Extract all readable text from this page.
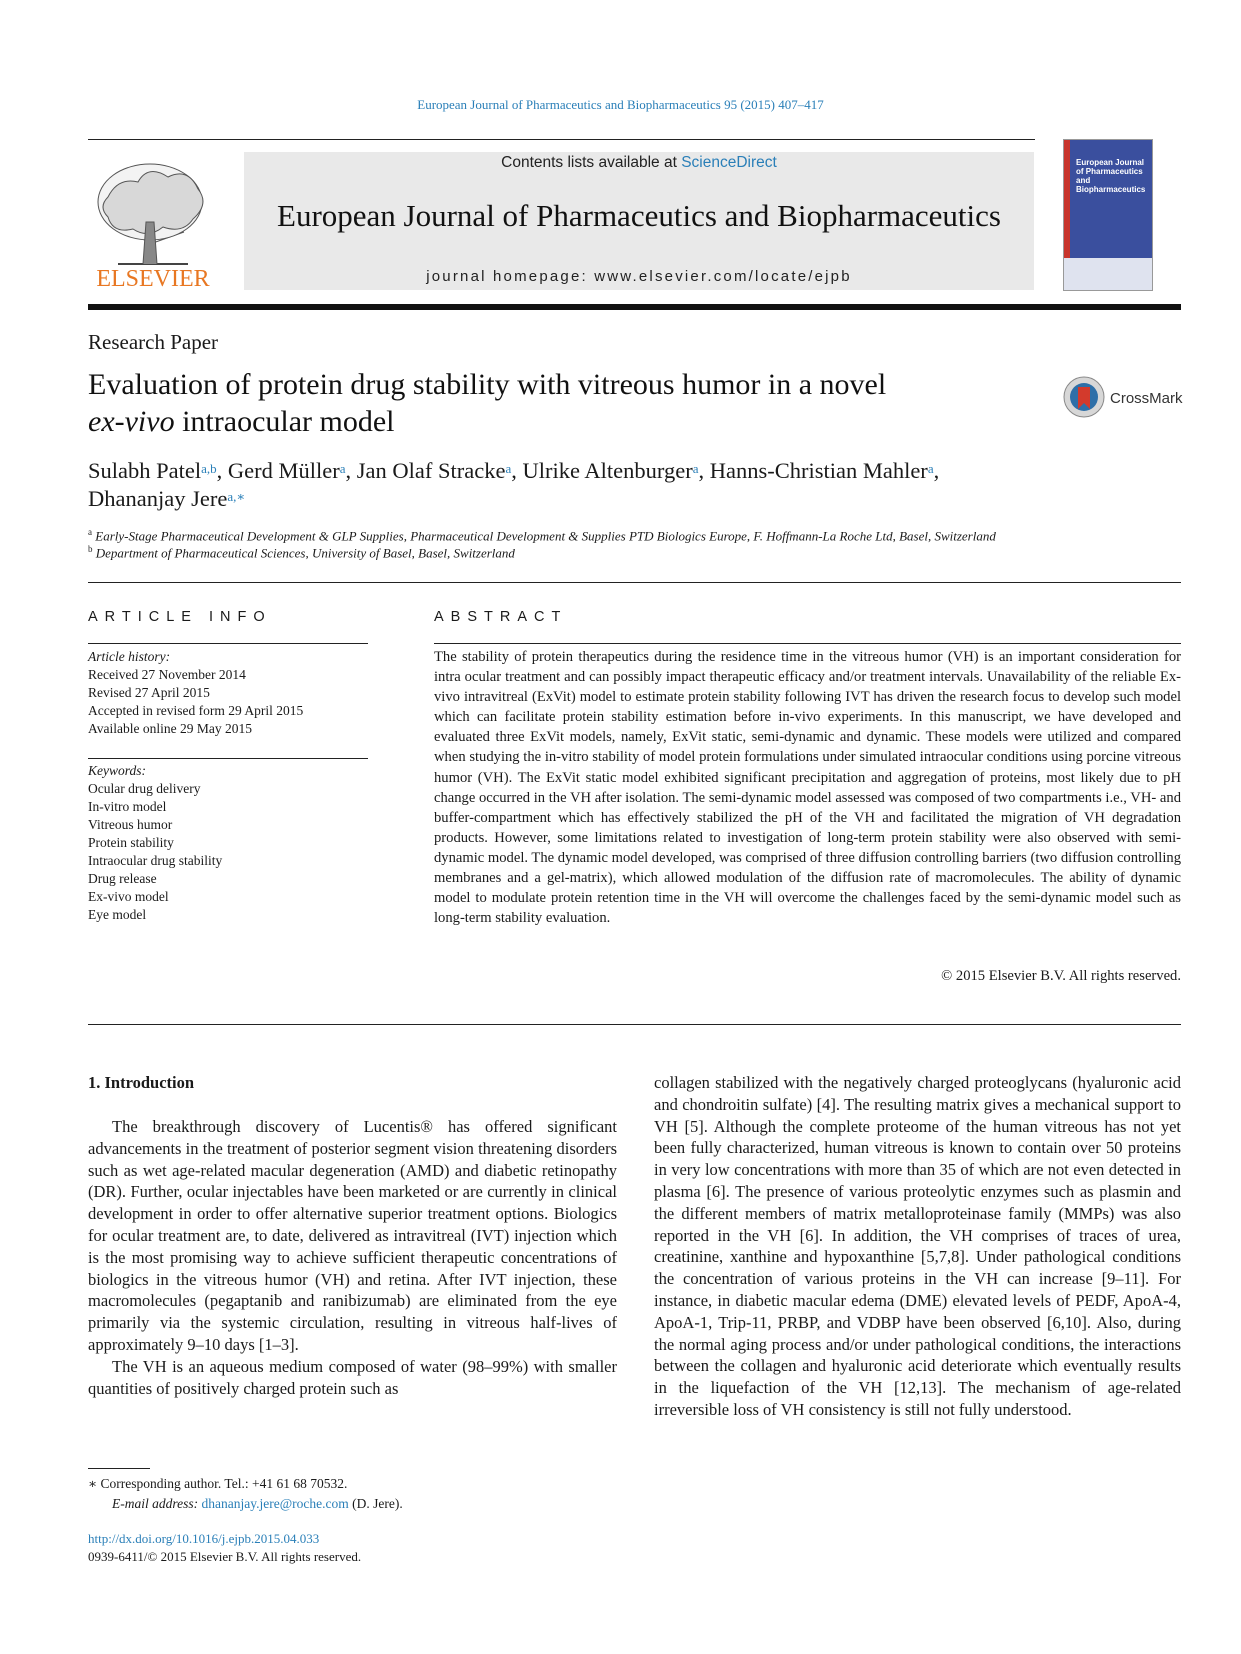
European Journal of Pharmaceutics and Biopharmaceutics 95 (2015) 407–417
ELSEVIER
Contents lists available at ScienceDirect
European Journal of Pharmaceutics and Biopharmaceutics
journal homepage: www.elsevier.com/locate/ejpb
European Journal of Pharmaceutics and Biopharmaceutics
Research Paper
Evaluation of protein drug stability with vitreous humor in a novel
ex-vivo intraocular model
CrossMark
Sulabh Patel$^{a,b}$, Gerd Müller$^a$, Jan Olaf Stracke$^a$, Ulrike Altenburger$^a$, Hanns-Christian Mahler$^a$,
Dhananjay Jere$^{a,∗}$
$^a$ Early-Stage Pharmaceutical Development & GLP Supplies, Pharmaceutical Development & Supplies PTD Biologics Europe, F. Hoffmann-La Roche Ltd, Basel, Switzerland
$^b$ Department of Pharmaceutical Sciences, University of Basel, Basel, Switzerland
ARTICLE INFO
Article history:
Received 27 November 2014
Revised 27 April 2015
Accepted in revised form 29 April 2015
Available online 29 May 2015
Keywords:
Ocular drug delivery
In-vitro model
Vitreous humor
Protein stability
Intraocular drug stability
Drug release
Ex-vivo model
Eye model
ABSTRACT
The stability of protein therapeutics during the residence time in the vitreous humor (VH) is an important consideration for intra ocular treatment and can possibly impact therapeutic efficacy and/or treatment intervals. Unavailability of the reliable Ex-vivo intravitreal (ExVit) model to estimate protein stability following IVT has driven the research focus to develop such model which can facilitate protein stability estimation before in-vivo experiments. In this manuscript, we have developed and evaluated three ExVit models, namely, ExVit static, semi-dynamic and dynamic. These models were utilized and compared when studying the in-vitro stability of model protein formulations under simulated intraocular conditions using porcine vitreous humor (VH). The ExVit static model exhibited significant precipitation and aggregation of proteins, most likely due to pH change occurred in the VH after isolation. The semi-dynamic model assessed was composed of two compartments i.e., VH- and buffer-compartment which has effectively stabilized the pH of the VH and facilitated the migration of VH degradation products. However, some limitations related to investigation of long-term protein stability were also observed with semi-dynamic model. The dynamic model developed, was comprised of three diffusion controlling barriers (two diffusion controlling membranes and a gel-matrix), which allowed modulation of the diffusion rate of macromolecules. The ability of dynamic model to modulate protein retention time in the VH will overcome the challenges faced by the semi-dynamic model such as long-term stability evaluation.
© 2015 Elsevier B.V. All rights reserved.
1. Introduction

The breakthrough discovery of Lucentis® has offered significant advancements in the treatment of posterior segment vision threatening disorders such as wet age-related macular degeneration (AMD) and diabetic retinopathy (DR). Further, ocular injectables have been marketed or are currently in clinical development in order to offer alternative superior treatment options. Biologics for ocular treatment are, to date, delivered as intravitreal (IVT) injection which is the most promising way to achieve sufficient therapeutic concentrations of biologics in the vitreous humor (VH) and retina. After IVT injection, these macromolecules (pegaptanib and ranibizumab) are eliminated from the eye primarily via the systemic circulation, resulting in vitreous half-lives of approximately 9–10 days [1–3].

The VH is an aqueous medium composed of water (98–99%) with smaller quantities of positively charged protein such as

collagen stabilized with the negatively charged proteoglycans (hyaluronic acid and chondroitin sulfate) [4]. The resulting matrix gives a mechanical support to VH [5]. Although the complete proteome of the human vitreous has not yet been fully characterized, human vitreous is known to contain over 50 proteins in very low concentrations with more than 35 of which are not even detected in plasma [6]. The presence of various proteolytic enzymes such as plasmin and the different members of matrix metalloproteinase family (MMPs) was also reported in the VH [6]. In addition, the VH comprises of traces of urea, creatinine, xanthine and hypoxanthine [5,7,8]. Under pathological conditions the concentration of various proteins in the VH can increase [9–11]. For instance, in diabetic macular edema (DME) elevated levels of PEDF, ApoA-4, ApoA-1, Trip-11, PRBP, and VDBP have been observed [6,10]. Also, during the normal aging process and/or under pathological conditions, the interactions between the collagen and hyaluronic acid deteriorate which eventually results in the liquefaction of the VH [12,13]. The mechanism of age-related irreversible loss of VH consistency is still not fully understood.

∗ Corresponding author. Tel.: +41 61 68 70532.
E-mail address: dhananjay.jere@roche.com (D. Jere).
http://dx.doi.org/10.1016/j.ejpb.2015.04.033
0939-6411/© 2015 Elsevier B.V. All rights reserved.
